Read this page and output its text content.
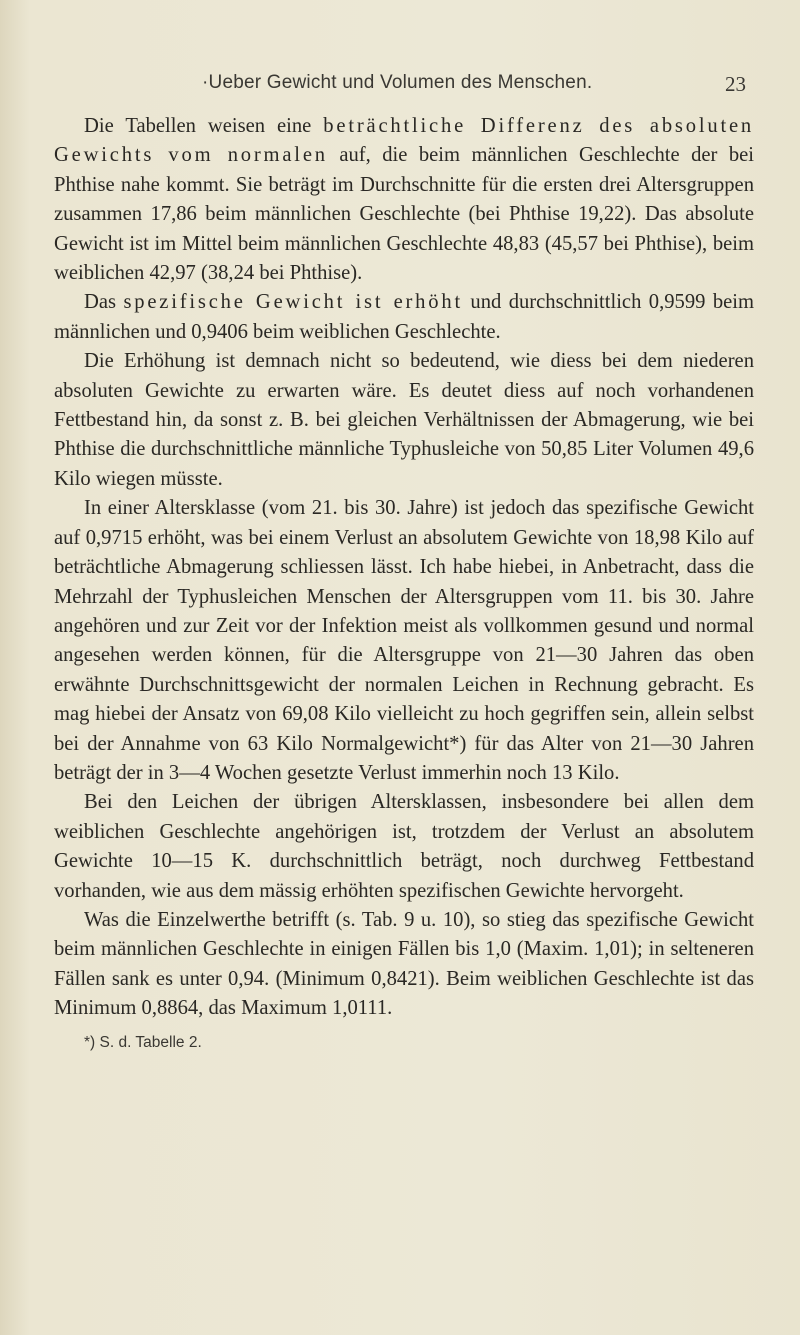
·Ueber Gewicht und Volumen des Menschen.	23

Die Tabellen weisen eine beträchtliche Differenz des absoluten Gewichts vom normalen auf, die beim männlichen Geschlechte der bei Phthise nahe kommt. Sie beträgt im Durchschnitte für die ersten drei Altersgruppen zusammen 17,86 beim männlichen Geschlechte (bei Phthise 19,22). Das absolute Gewicht ist im Mittel beim männlichen Geschlechte 48,83 (45,57 bei Phthise), beim weiblichen 42,97 (38,24 bei Phthise).

Das spezifische Gewicht ist erhöht und durchschnittlich 0,9599 beim männlichen und 0,9406 beim weiblichen Geschlechte.

Die Erhöhung ist demnach nicht so bedeutend, wie diess bei dem niederen absoluten Gewichte zu erwarten wäre. Es deutet diess auf noch vorhandenen Fettbestand hin, da sonst z. B. bei gleichen Verhältnissen der Abmagerung, wie bei Phthise die durchschnittliche männliche Typhusleiche von 50,85 Liter Volumen 49,6 Kilo wiegen müsste.

In einer Altersklasse (vom 21. bis 30. Jahre) ist jedoch das spezifische Gewicht auf 0,9715 erhöht, was bei einem Verlust an absolutem Gewichte von 18,98 Kilo auf beträchtliche Abmagerung schliessen lässt. Ich habe hiebei, in Anbetracht, dass die Mehrzahl der Typhusleichen Menschen der Altersgruppen vom 11. bis 30. Jahre angehören und zur Zeit vor der Infektion meist als vollkommen gesund und normal angesehen werden können, für die Altersgruppe von 21—30 Jahren das oben erwähnte Durchschnittsgewicht der normalen Leichen in Rechnung gebracht. Es mag hiebei der Ansatz von 69,08 Kilo vielleicht zu hoch gegriffen sein, allein selbst bei der Annahme von 63 Kilo Normalgewicht*) für das Alter von 21—30 Jahren beträgt der in 3—4 Wochen gesetzte Verlust immerhin noch 13 Kilo.

Bei den Leichen der übrigen Altersklassen, insbesondere bei allen dem weiblichen Geschlechte angehörigen ist, trotzdem der Verlust an absolutem Gewichte 10—15 K. durchschnittlich beträgt, noch durchweg Fettbestand vorhanden, wie aus dem mässig erhöhten spezifischen Gewichte hervorgeht.

Was die Einzelwerthe betrifft (s. Tab. 9 u. 10), so stieg das spezifische Gewicht beim männlichen Geschlechte in einigen Fällen bis 1,0 (Maxim. 1,01); in selteneren Fällen sank es unter 0,94. (Minimum 0,8421). Beim weiblichen Geschlechte ist das Minimum 0,8864, das Maximum 1,0111.

*) S. d. Tabelle 2.
